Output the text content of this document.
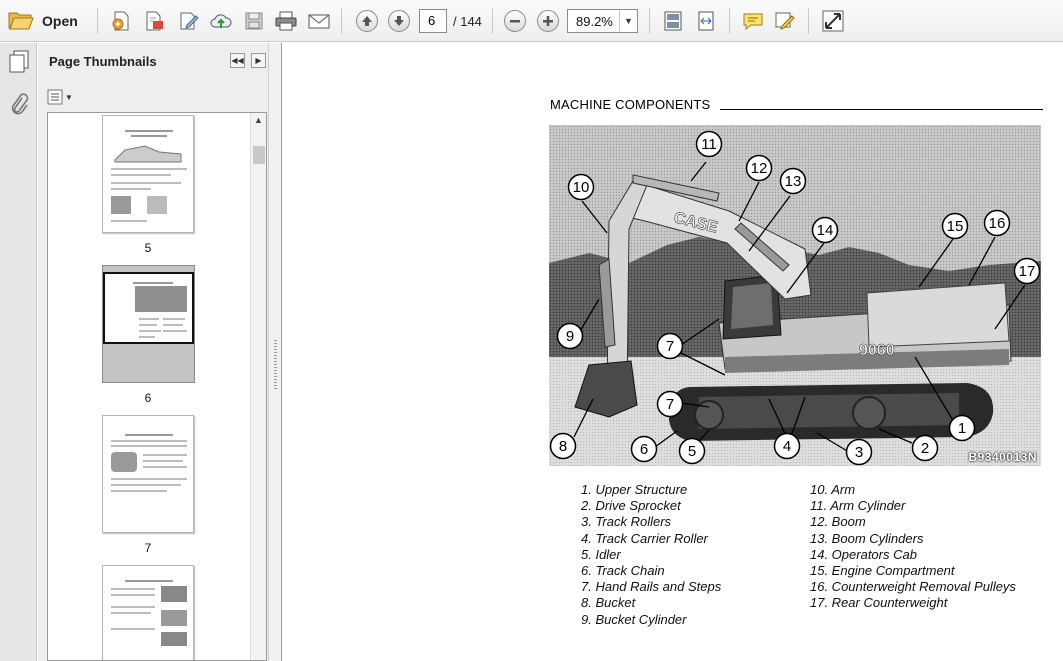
Open	6	/ 144	89.2%	▼
Page Thumbnails	◀◀	▶
▼
5
6
7
▲
MACHINE COMPONENTS
CASE
9060
1
2
3
4
5
6
7
7
8
9
10
11
12
13
14	15 16
17
B9340013N
1. Upper Structure
2. Drive Sprocket
3. Track Rollers
4. Track Carrier Roller
5. Idler
6. Track Chain
7. Hand Rails and Steps
8. Bucket
9. Bucket Cylinder
10. Arm
11. Arm Cylinder
12. Boom
13. Boom Cylinders
14. Operators Cab
15. Engine Compartment
16. Counterweight Removal Pulleys
17. Rear Counterweight
